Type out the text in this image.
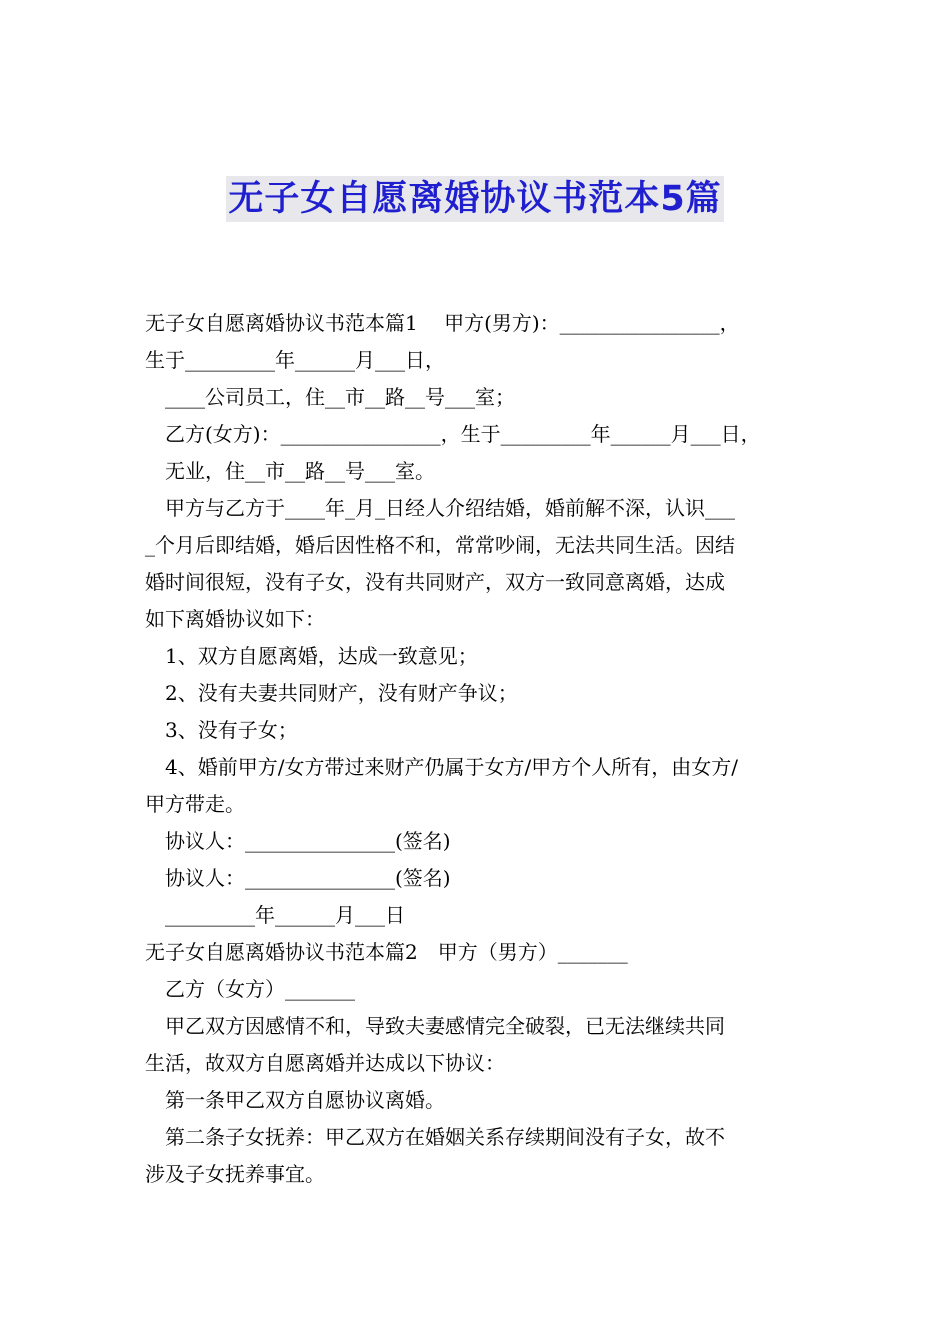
无子女自愿离婚协议书范本5篇
无子女自愿离婚协议书范本篇1　 甲方(男方)：________________，
生于_________年______月___日，
____公司员工，住__市__路__号___室；
乙方(女方)：________________，生于_________年______月___日，
无业，住__市__路__号___室。
甲方与乙方于____年_月_日经人介绍结婚，婚前解不深，认识___
_个月后即结婚，婚后因性格不和，常常吵闹，无法共同生活。因结
婚时间很短，没有子女，没有共同财产，双方一致同意离婚，达成
如下离婚协议如下：
1、双方自愿离婚，达成一致意见；
2、没有夫妻共同财产，没有财产争议；
3、没有子女；
4、婚前甲方/女方带过来财产仍属于女方/甲方个人所有，由女方/
甲方带走。
协议人：_______________(签名)
协议人：_______________(签名)
_________年______月___日
无子女自愿离婚协议书范本篇2　甲方（男方）_______
乙方（女方）_______
甲乙双方因感情不和，导致夫妻感情完全破裂，已无法继续共同
生活，故双方自愿离婚并达成以下协议：
第一条甲乙双方自愿协议离婚。
第二条子女抚养：甲乙双方在婚姻关系存续期间没有子女，故不
涉及子女抚养事宜。
